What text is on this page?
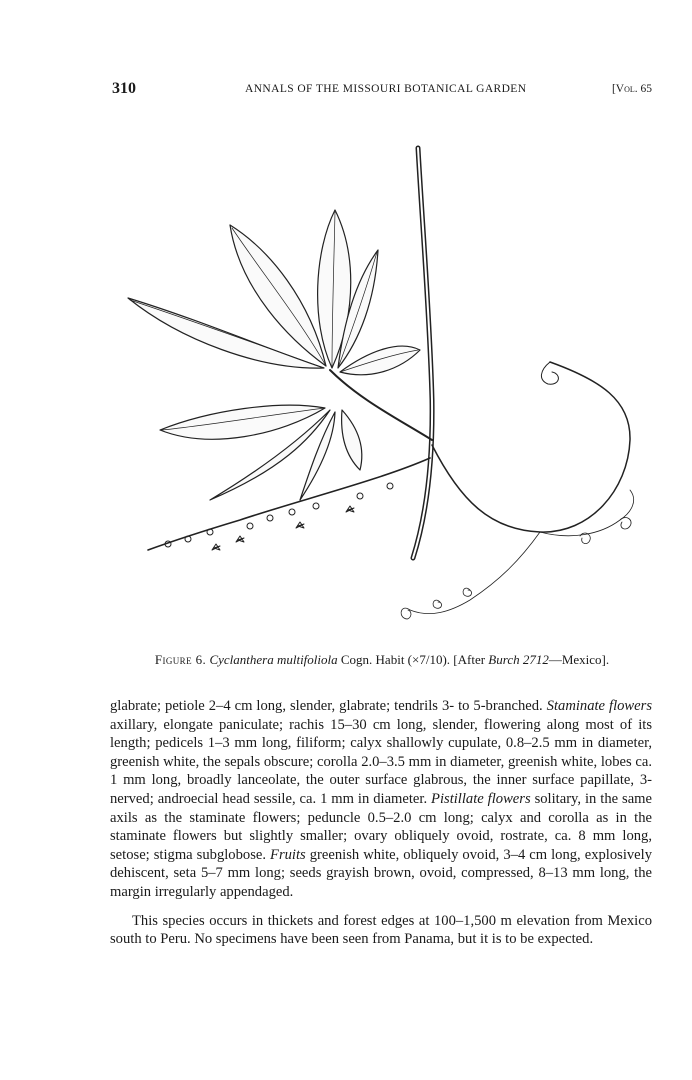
310	ANNALS OF THE MISSOURI BOTANICAL GARDEN	[Vol. 65
Figure 6. Cyclanthera multifoliola Cogn. Habit (×7/10). [After Burch 2712—Mexico].

glabrate; petiole 2–4 cm long, slender, glabrate; tendrils 3- to 5-branched. Staminate flowers axillary, elongate paniculate; rachis 15–30 cm long, slender, flowering along most of its length; pedicels 1–3 mm long, filiform; calyx shallowly cupulate, 0.8–2.5 mm in diameter, greenish white, the sepals obscure; corolla 2.0–3.5 mm in diameter, greenish white, lobes ca. 1 mm long, broadly lanceolate, the outer surface glabrous, the inner surface papillate, 3-nerved; androecial head sessile, ca. 1 mm in diameter. Pistillate flowers solitary, in the same axils as the staminate flowers; peduncle 0.5–2.0 cm long; calyx and corolla as in the staminate flowers but slightly smaller; ovary obliquely ovoid, rostrate, ca. 8 mm long, setose; stigma subglobose. Fruits greenish white, obliquely ovoid, 3–4 cm long, explosively dehiscent, seta 5–7 mm long; seeds grayish brown, ovoid, compressed, 8–13 mm long, the margin irregularly appendaged.

This species occurs in thickets and forest edges at 100–1,500 m elevation from Mexico south to Peru. No specimens have been seen from Panama, but it is to be expected.
